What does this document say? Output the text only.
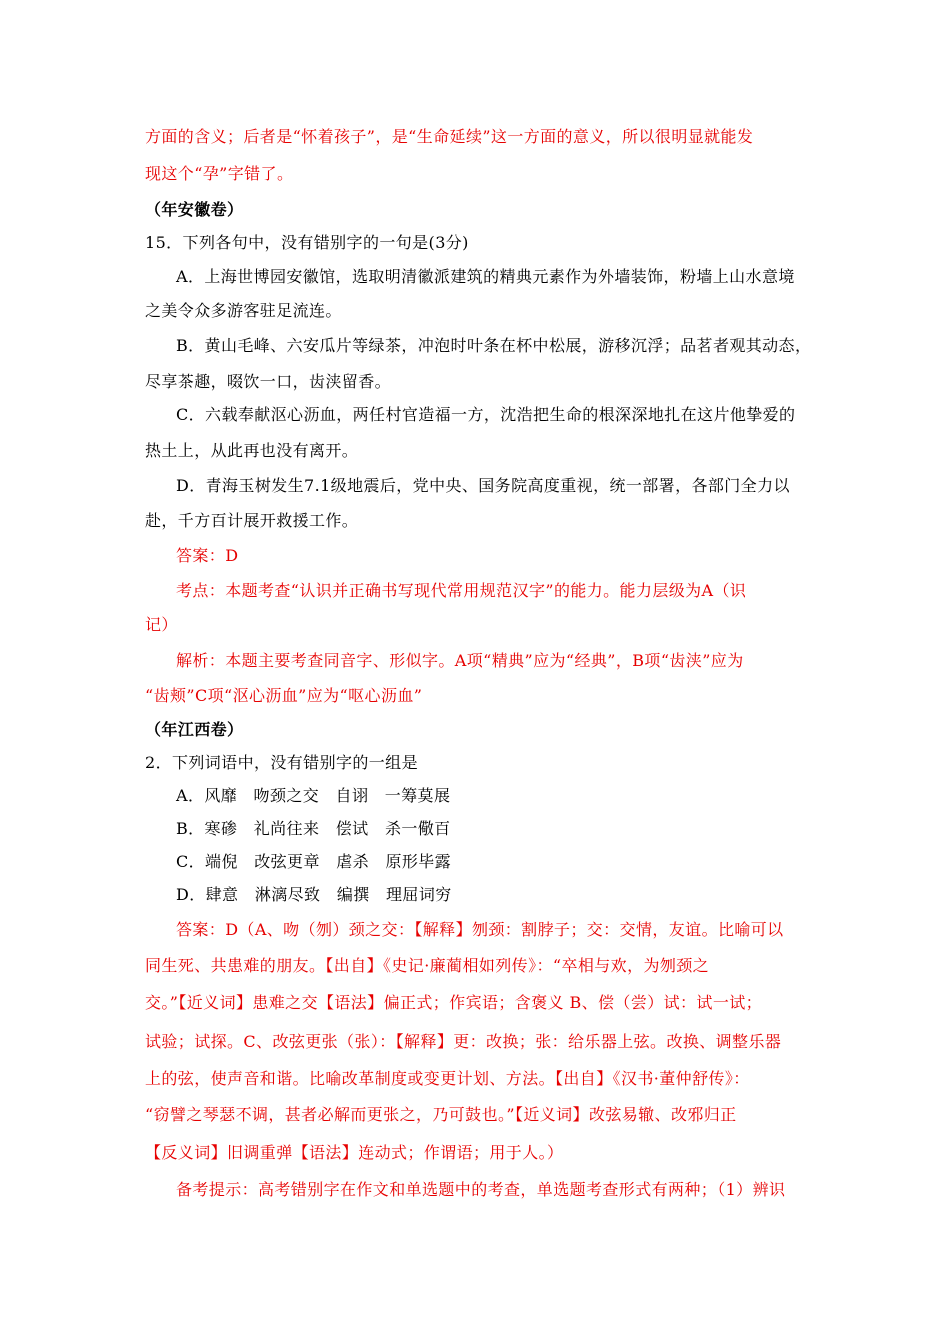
方面的含义；后者是“怀着孩子”，是“生命延续”这一方面的意义，所以很明显就能发
现这个“孕”字错了。
（年安徽卷）
15．下列各句中，没有错别字的一句是(3分)
A．上海世博园安徽馆，选取明清徽派建筑的精典元素作为外墙装饰，粉墙上山水意境
之美令众多游客驻足流连。
B．黄山毛峰、六安瓜片等绿茶，冲泡时叶条在杯中松展，游移沉浮；品茗者观其动态，
尽享茶趣，啜饮一口，齿浃留香。
C．六载奉献沤心沥血，两任村官造福一方，沈浩把生命的根深深地扎在这片他挚爱的
热土上，从此再也没有离开。
D．青海玉树发生7.1级地震后，党中央、国务院高度重视，统一部署，各部门全力以
赴，千方百计展开救援工作。
答案：D
考点：本题考查“认识并正确书写现代常用规范汉字”的能力。能力层级为A（识
记）
解析：本题主要考查同音字、形似字。A项“精典”应为“经典”，B项“齿浃”应为
“齿颊”C项“沤心沥血”应为“呕心沥血”
（年江西卷）
2．下列词语中，没有错别字的一组是
A．风靡　吻颈之交　自诩　一筹莫展
B．寒碜　礼尚往来　偿试　杀一儆百
C．端倪　改弦更章　虐杀　原形毕露
D．肆意　淋漓尽致　编撰　理屈词穷
答案：D（A、吻（刎）颈之交：【解释】刎颈：割脖子；交：交情，友谊。比喻可以
同生死、共患难的朋友。【出自】《史记·廉蔺相如列传》：“卒相与欢，为刎颈之
交。”【近义词】患难之交【语法】偏正式；作宾语；含褒义 B、偿（尝）试：试一试；
试验；试探。C、改弦更张（张）：【解释】更：改换；张：给乐器上弦。改换、调整乐器
上的弦，使声音和谐。比喻改革制度或变更计划、方法。【出自】《汉书·董仲舒传》：
“窃譬之琴瑟不调，甚者必解而更张之，乃可鼓也。”【近义词】改弦易辙、改邪归正
【反义词】旧调重弹【语法】连动式；作谓语；用于人。）
备考提示：高考错别字在作文和单选题中的考查，单选题考查形式有两种；（1）辨识
